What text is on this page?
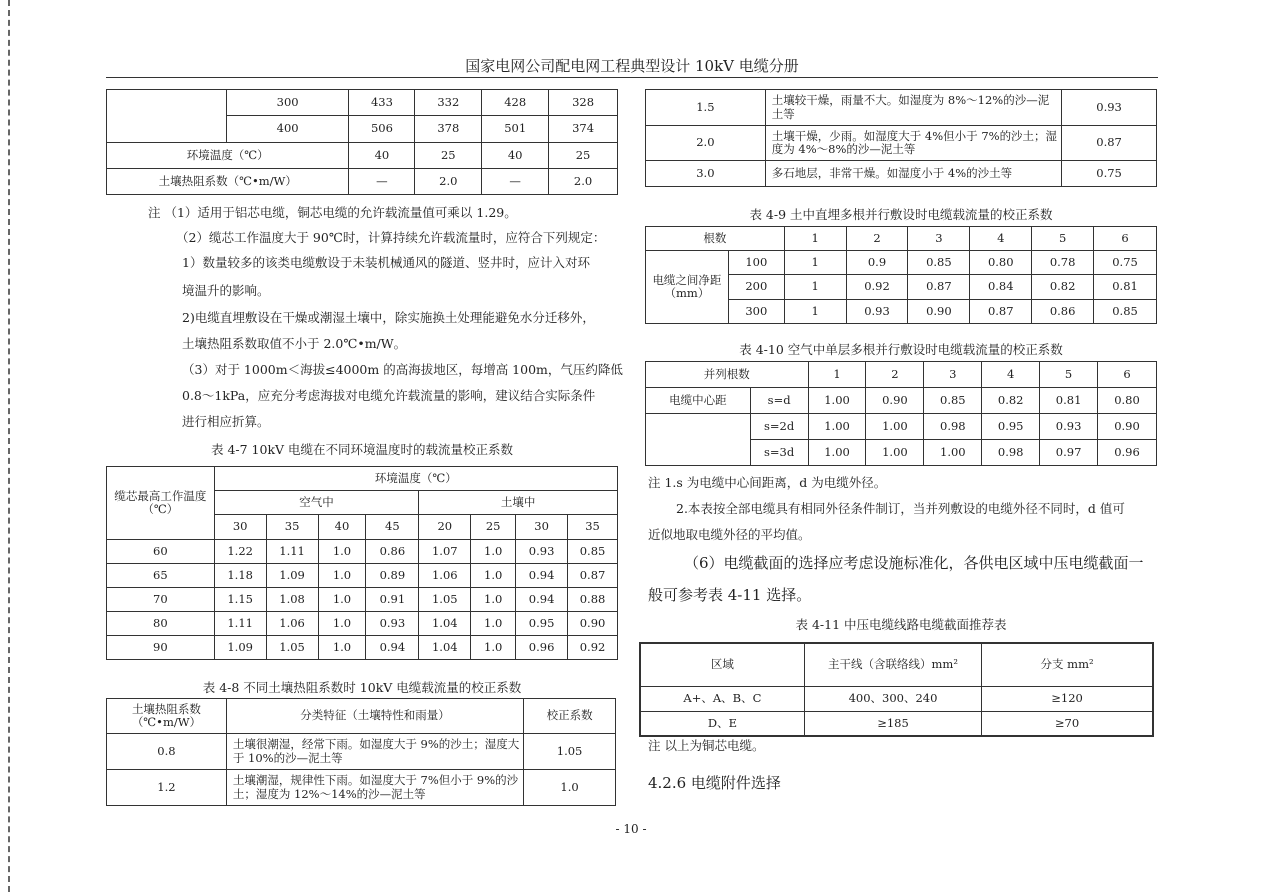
国家电网公司配电网工程典型设计 10kV 电缆分册
	300	433	332	428	328
	400	506	378	501	374
环境温度（℃）		40	25	40	25
土壤热阻系数（℃•m/W）		—	2.0	—	2.0
注 （1）适用于铝芯电缆，铜芯电缆的允许载流量值可乘以 1.29。
（2）缆芯工作温度大于 90℃时，计算持续允许载流量时，应符合下列规定：
1）数量较多的该类电缆敷设于未装机械通风的隧道、竖井时，应计入对环
境温升的影响。
2)电缆直埋敷设在干燥或潮湿土壤中，除实施换土处理能避免水分迁移外，
土壤热阻系数取值不小于 2.0℃•m/W。
（3）对于 1000m＜海拔≤4000m 的高海拔地区，每增高 100m，气压约降低
0.8～1kPa，应充分考虑海拔对电缆允许载流量的影响，建议结合实际条件
进行相应折算。
表 4-7 10kV 电缆在不同环境温度时的载流量校正系数
缆芯最高工作温度（℃）	环境温度（℃）							
	空气中				土壤中			
	30	35	40	45	20	25	30	35
60	1.22	1.11	1.0	0.86	1.07	1.0	0.93	0.85
65	1.18	1.09	1.0	0.89	1.06	1.0	0.94	0.87
70	1.15	1.08	1.0	0.91	1.05	1.0	0.94	0.88
80	1.11	1.06	1.0	0.93	1.04	1.0	0.95	0.90
90	1.09	1.05	1.0	0.94	1.04	1.0	0.96	0.92
表 4-8 不同土壤热阻系数时 10kV 电缆载流量的校正系数
土壤热阻系数（℃•m/W）	分类特征（土壤特性和雨量）	校正系数
0.8	土壤很潮湿，经常下雨。如湿度大于 9%的沙土；湿度大于 10%的沙—泥土等	1.05
1.2	土壤潮湿，规律性下雨。如湿度大于 7%但小于 9%的沙土；湿度为 12%～14%的沙—泥土等	1.0
1.5	土壤较干燥，雨量不大。如湿度为 8%～12%的沙—泥土等	0.93
2.0	土壤干燥，少雨。如湿度大于 4%但小于 7%的沙土；湿度为 4%～8%的沙—泥土等	0.87
3.0	多石地层，非常干燥。如湿度小于 4%的沙土等	0.75
表 4-9 土中直埋多根并行敷设时电缆载流量的校正系数
根数		1	2	3	4	5	6
电缆之间净距（mm）	100	1	0.9	0.85	0.80	0.78	0.75
	200	1	0.92	0.87	0.84	0.82	0.81
	300	1	0.93	0.90	0.87	0.86	0.85
表 4-10 空气中单层多根并行敷设时电缆载流量的校正系数
并列根数		1	2	3	4	5	6
电缆中心距	s=d	1.00	0.90	0.85	0.82	0.81	0.80
	s=2d	1.00	1.00	0.98	0.95	0.93	0.90
	s=3d	1.00	1.00	1.00	0.98	0.97	0.96
注 1.s 为电缆中心间距离，d 为电缆外径。
2.本表按全部电缆具有相同外径条件制订，当并列敷设的电缆外径不同时，d 值可
近似地取电缆外径的平均值。
（6）电缆截面的选择应考虑设施标准化，各供电区域中压电缆截面一
般可参考表 4-11 选择。
表 4-11 中压电缆线路电缆截面推荐表
区域	主干线（含联络线）mm²	分支 mm²
A+、A、B、C	400、300、240	≥120
D、E	≥185	≥70
注 以上为铜芯电缆。
4.2.6 电缆附件选择
- 10 -
